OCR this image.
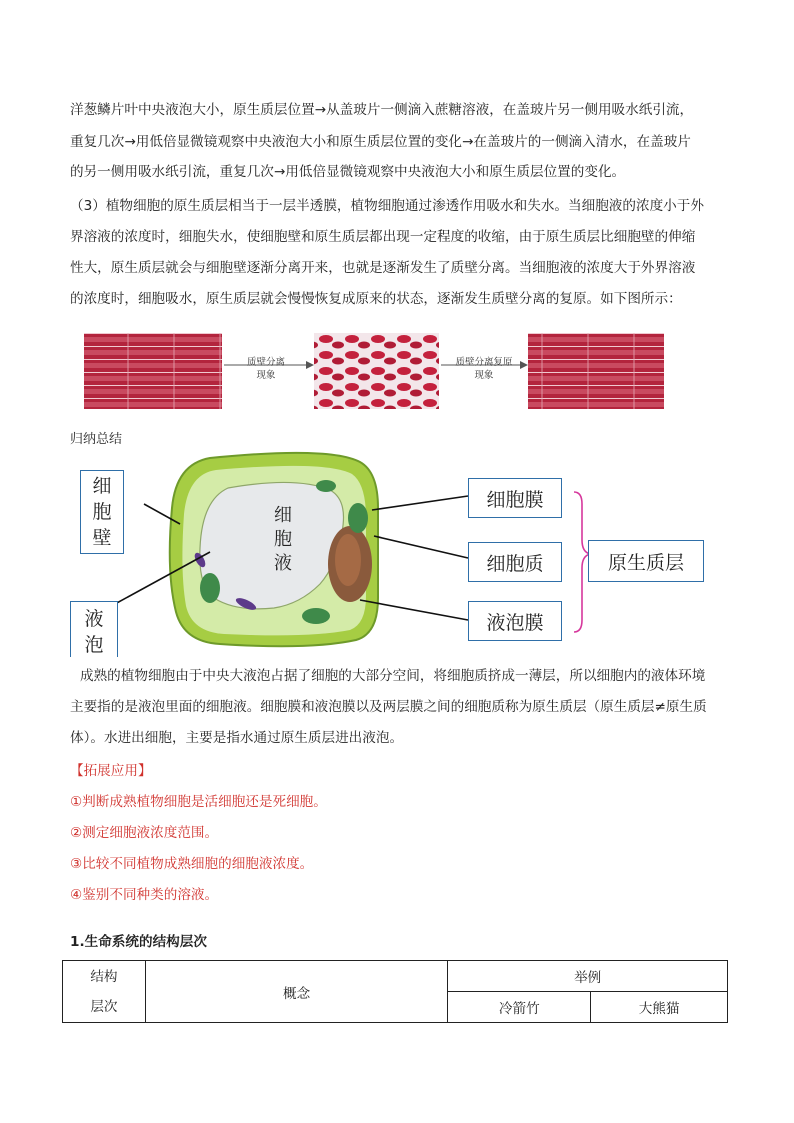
洋葱鳞片叶中央液泡大小，原生质层位置→从盖玻片一侧滴入蔗糖溶液，在盖玻片另一侧用吸水纸引流，
重复几次→用低倍显微镜观察中央液泡大小和原生质层位置的变化→在盖玻片的一侧滴入清水，在盖玻片
的另一侧用吸水纸引流，重复几次→用低倍显微镜观察中央液泡大小和原生质层位置的变化。
（3）植物细胞的原生质层相当于一层半透膜，植物细胞通过渗透作用吸水和失水。当细胞液的浓度小于外
界溶液的浓度时，细胞失水，使细胞壁和原生质层都出现一定程度的收缩，由于原生质层比细胞壁的伸缩
性大，原生质层就会与细胞壁逐渐分离开来，也就是逐渐发生了质壁分离。当细胞液的浓度大于外界溶液
的浓度时，细胞吸水，原生质层就会慢慢恢复成原来的状态，逐渐发生质壁分离的复原。如下图所示：
质壁分离
现象
质壁分离复原
现象
归纳总结
细胞液
细胞壁
液泡
细胞膜
细胞质
液泡膜
原生质层
成熟的植物细胞由于中央大液泡占据了细胞的大部分空间，将细胞质挤成一薄层，所以细胞内的液体环境
主要指的是液泡里面的细胞液。细胞膜和液泡膜以及两层膜之间的细胞质称为原生质层（原生质层≠原生质
体）。水进出细胞，主要是指水通过原生质层进出液泡。
【拓展应用】
①判断成熟植物细胞是活细胞还是死细胞。
②测定细胞液浓度范围。
③比较不同植物成熟细胞的细胞液浓度。
④鉴别不同种类的溶液。
1.生命系统的结构层次
结构
层次	概念	举例	
		冷箭竹	大熊猫
